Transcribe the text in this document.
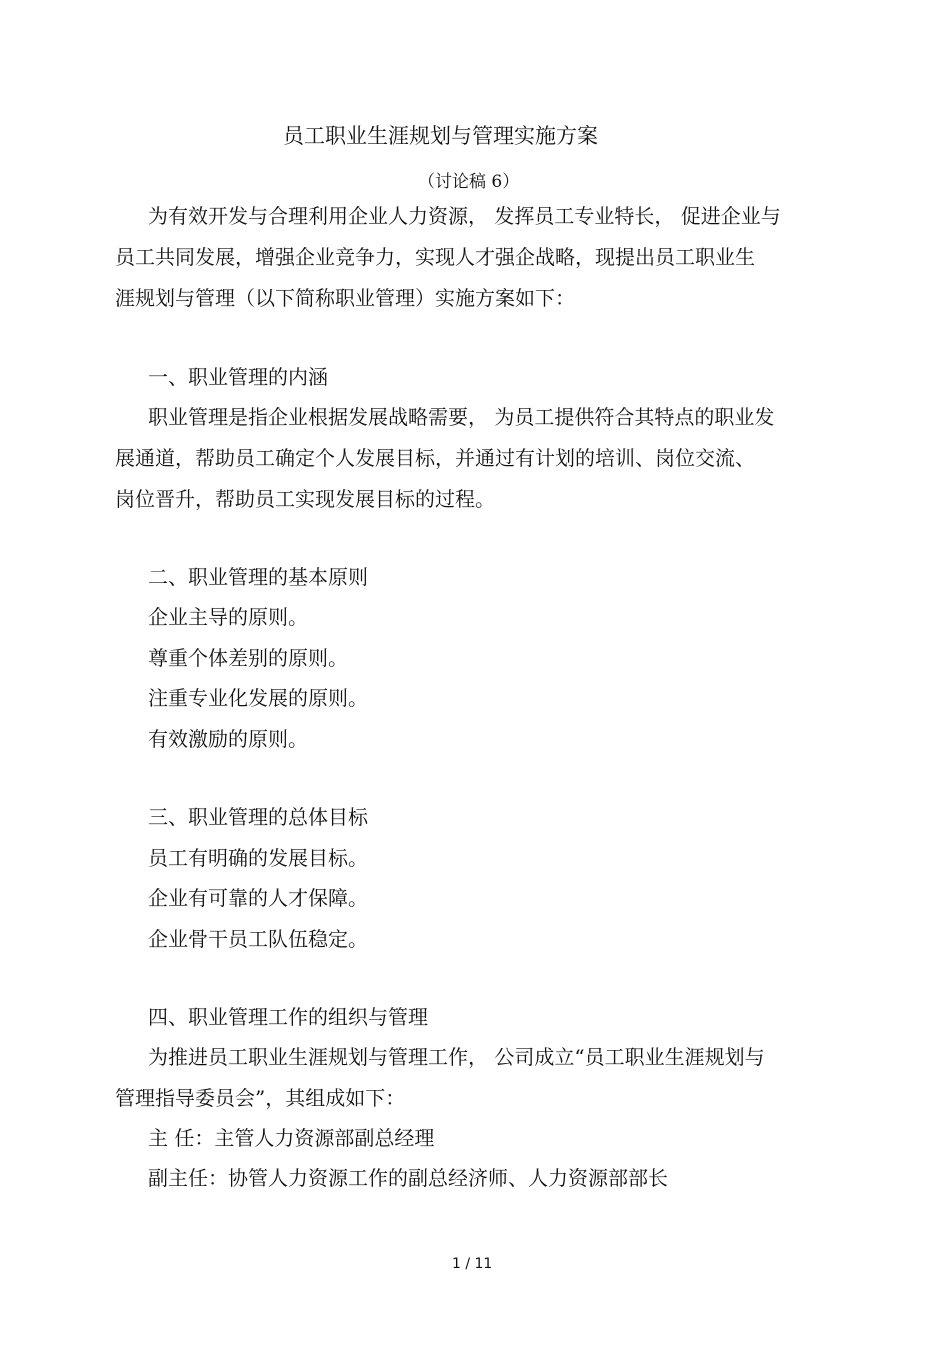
员工职业生涯规划与管理实施方案
（讨论稿 6）
为有效开发与合理利用企业人力资源， 发挥员工专业特长， 促进企业与
员工共同发展，增强企业竞争力，实现人才强企战略，现提出员工职业生
涯规划与管理（以下简称职业管理）实施方案如下：
一、职业管理的内涵
职业管理是指企业根据发展战略需要， 为员工提供符合其特点的职业发
展通道，帮助员工确定个人发展目标，并通过有计划的培训、岗位交流、
岗位晋升，帮助员工实现发展目标的过程。
二、职业管理的基本原则
企业主导的原则。
尊重个体差别的原则。
注重专业化发展的原则。
有效激励的原则。
三、职业管理的总体目标
员工有明确的发展目标。
企业有可靠的人才保障。
企业骨干员工队伍稳定。
四、职业管理工作的组织与管理
为推进员工职业生涯规划与管理工作， 公司成立“员工职业生涯规划与
管理指导委员会”，其组成如下：
主 任：主管人力资源部副总经理
副主任：协管人力资源工作的副总经济师、人力资源部部长
1 / 11
